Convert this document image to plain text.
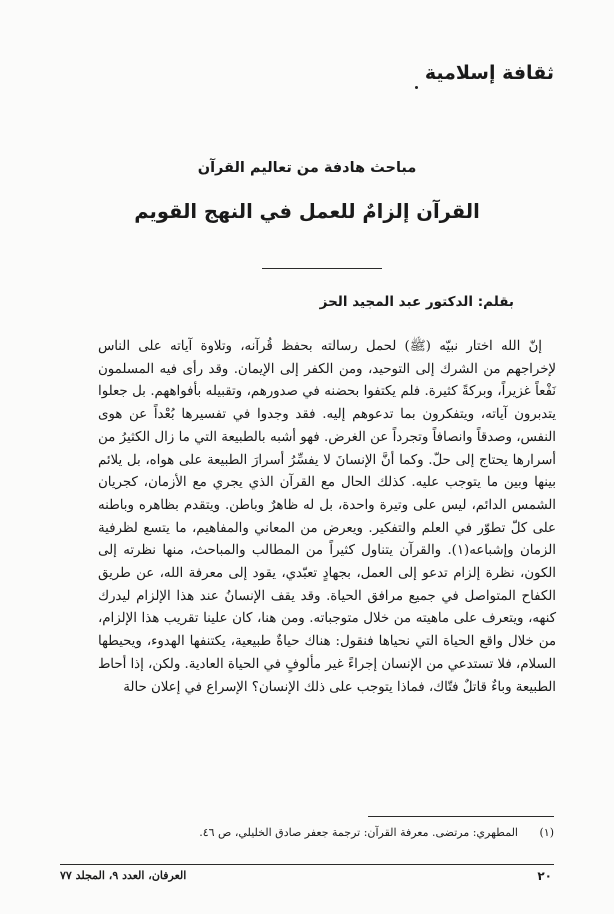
ثقافة إسلامية
مباحث هادفة من تعاليم القرآن
القرآن إلزامٌ للعمل في النهج القويم
بقلم: الدكتور عبد المجيد الحز
إنّ الله اختار نبيّه (ﷺ) لحمل رسالته بحفظ قُرآنه، وتلاوة آياته على الناس لإخراجهم من الشرك إلى التوحيد، ومن الكفر إلى الإيمان. وقد رأى فيه المسلمون نَفْعاً غزيراً، وبركةً كثيرة. فلم يكتفوا بحضنه في صدورهم، وتقبيله بأفواههم. بل جعلوا يتدبرون آياته، ويتفكرون بما تدعوهم إليه. فقد وجدوا في تفسيرها بُعْداً عن هوى النفس، وصدقاً وانصافاً وتجرداً عن الغرض. فهو أشبه بالطبيعة التي ما زال الكثيرُ من أسرارها يحتاج إلى حلّ. وكما أنَّ الإنسانَ لا يفسِّرُ أسرارَ الطبيعة على هواه، بل يلائم بينها وبين ما يتوجب عليه. كذلك الحال مع القرآن الذي يجري مع الأزمان، كجريان الشمس الدائم، ليس على وتيرة واحدة، بل له ظاهرٌ وباطن. ويتقدم بظاهره وباطنه على كلّ تطوّر في العلم والتفكير. ويعرض من المعاني والمفاهيم، ما يتسع لظرفية الزمان وإشباعه(١). والقرآن يتناول كثيراً من المطالب والمباحث، منها نظرته إلى الكون، نظرة إلزام تدعو إلى العمل، بجهادٍ تعبّدي، يقود إلى معرفة الله، عن طريق الكفاح المتواصل في جميع مرافق الحياة. وقد يقف الإنسانُ عند هذا الإلزام ليدرك كنهه، ويتعرف على ماهيته من خلال متوجباته. ومن هنا، كان علينا تقريب هذا الإلزام، من خلال واقع الحياة التي نحياها فنقول: هناك حياةٌ طبيعية، يكتنفها الهدوء، ويحيطها السلام، فلا تستدعي من الإنسان إجراءً غير مألوفٍ في الحياة العادية. ولكن، إذا أحاط الطبيعة وباءٌ قاتلٌ فتّاك، فماذا يتوجب على ذلك الإنسان؟ الإسراع في إعلان حالة
(١) المطهري: مرتضى. معرفة القرآن: ترجمة جعفر صادق الخليلي، ص ٤٦.
٢٠
العرفان، العدد ٩، المجلد ٧٧
